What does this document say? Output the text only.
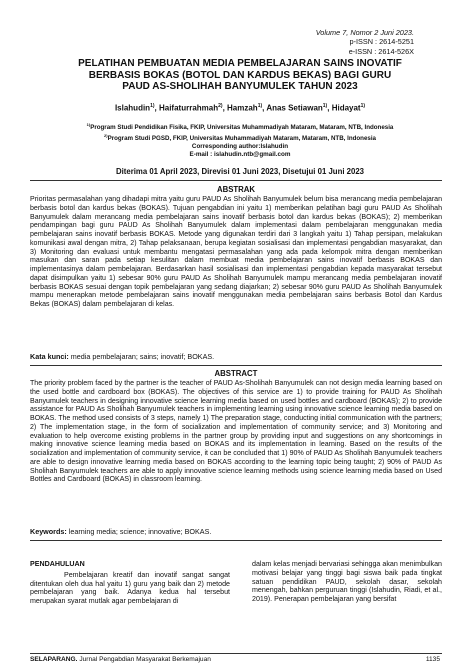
Volume 7, Nomor 2 Juni 2023.
p-ISSN : 2614-5251
e-ISSN : 2614-526X
PELATIHAN PEMBUATAN MEDIA PEMBELAJARAN SAINS INOVATIF
BERBASIS BOKAS (BOTOL DAN KARDUS BEKAS) BAGI GURU
PAUD AS-SHOLIHAH BANYUMULEK TAHUN 2023
Islahudin$^{1)}$, Haifaturrahmah$^{2)}$, Hamzah$^{1)}$, Anas Setiawan$^{1)}$, Hidayat$^{1)}$
$^{1)}$Program Studi Pendidikan Fisika, FKIP, Universitas Muhammadiyah Mataram, Mataram, NTB, Indonesia
$^{2)}$Program Studi PGSD, FKIP, Universitas Muhammadiyah Mataram, Mataram, NTB, Indonesia
Corresponding author:Islahudin
E-mail : islahudin.ntb@gmail.com
Diterima 01 April 2023, Direvisi 01 Juni 2023, Disetujui 01 Juni 2023
ABSTRAK
Prioritas permasalahan yang dihadapi mitra yaitu guru PAUD As Sholihah Banyumulek belum bisa merancang media pembelajaran berbasis botol dan kardus bekas (BOKAS). Tujuan pengabdian ini yaitu 1) memberikan pelatihan bagi guru PAUD As Sholihah Banyumulek dalam merancang media pembelajaran sains inovatif berbasis botol dan kardus bekas (BOKAS); 2) memberikan pendampingan bagi guru PAUD As Sholihah Banyumulek dalam implementasi dalam pembelajaran menggunakan media pembelajaran sains inovatif berbasis BOKAS. Metode yang digunakan terdiri dari 3 langkah yaitu 1) Tahap persipan, melakukan komunikasi awal dengan mitra, 2) Tahap pelaksanaan, berupa kegiatan sosialisasi dan implementasi pengabdian masyarakat, dan 3) Monitoring dan evaluasi untuk membantu mengatasi permasalahan yang ada pada kelompok mitra dengan memberikan masukan dan saran pada setiap kesulitan dalam membuat media pembelajaran sains inovatif berbasis BOKAS dan implementasinya dalam pembelajaran. Berdasarkan hasil sosialisasi dan implementasi pengabdian kepada masyarakat tersebut dapat disimpulkan yaitu 1) sebesar 90% guru PAUD As Sholihah Banyumulek mampu merancang media pembelajaran inovatif berbasis BOKAS sesuai dengan topik pembelajaran yang sedang diajarkan; 2) sebesar 90% guru PAUD As Sholihah Banyumulek mampu menerapkan metode pembelajaran sains inovatif menggunakan media pembelajaran sains berbasis Botol dan Kardus Bekas (BOKAS) dalam pembelajaran di kelas.
Kata kunci: media pembelajaran; sains; inovatif; BOKAS.
ABSTRACT
The priority problem faced by the partner is the teacher of PAUD As-Sholihah Banyumulek can not design media learning based on the used bottle and cardboard box (BOKAS). The objectives of this service are 1) to provide training for PAUD As Sholihah Banyumulek teachers in designing innovative science learning media based on used bottles and cardboard (BOKAS); 2) to provide assistance for PAUD As Sholihah Banyumulek teachers in implementing learning using innovative science learning media based on BOKAS. The method used consists of 3 steps, namely 1) The preparation stage, conducting initial communication with the partners; 2) The implementation stage, in the form of socialization and implementation of community service; and 3) Monitoring and evaluation to help overcome existing problems in the partner group by providing input and suggestions on any shortcomings in making innovative science learning media based on BOKAS and its implementation in learning. Based on the results of the socialization and implementation of community service, it can be concluded that 1) 90% of PAUD As Sholihah Banyumulek teachers are able to design innovative learning media based on BOKAS according to the learning topic being taught; 2) 90% of PAUD As Sholihah Banyumulek teachers are able to apply innovative science learning methods using science learning media based on Used Bottles and Cardboard (BOKAS) in classroom learning.
Keywords: learning media; science; innovative; BOKAS.
PENDAHULUAN
Pembelajaran kreatif dan inovatif sangat sangat ditentukan oleh dua hal yaitu 1) guru yang baik dan 2) metode pembelajaran yang baik. Adanya kedua hal tersebut merupakan syarat mutlak agar pembelajaran di
dalam kelas menjadi bervariasi sehingga akan menimbulkan motivasi belajar yang tinggi bagi siswa baik pada tingkat satuan pendidikan PAUD, sekolah dasar, sekolah menengah, bahkan perguruan tinggi (Islahudin, Riadi, et al., 2019). Penerapan pembelajaran yang bersifat
SELAPARANG. Jurnal Pengabdian Masyarakat Berkemajuan	1135
